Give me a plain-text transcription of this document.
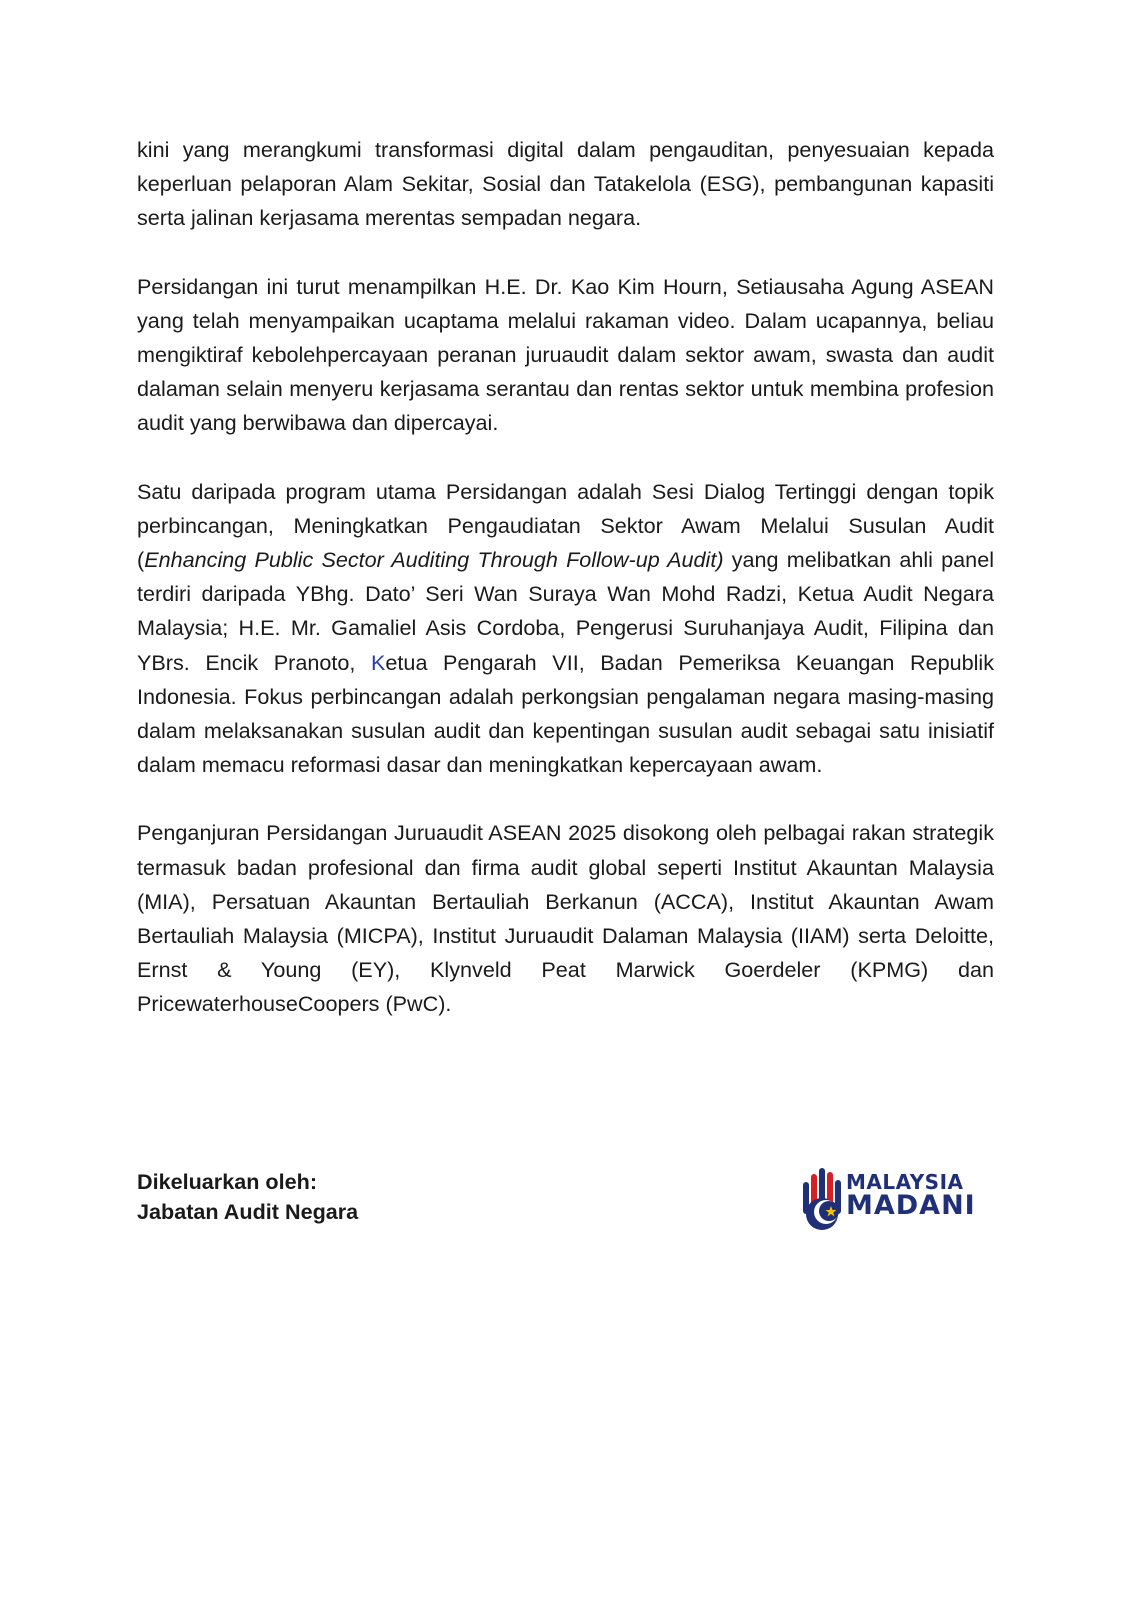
kini yang merangkumi transformasi digital dalam pengauditan, penyesuaian kepada keperluan pelaporan Alam Sekitar, Sosial dan Tatakelola (ESG), pembangunan kapasiti serta jalinan kerjasama merentas sempadan negara.

Persidangan ini turut menampilkan H.E. Dr. Kao Kim Hourn, Setiausaha Agung ASEAN yang telah menyampaikan ucaptama melalui rakaman video. Dalam ucapannya, beliau mengiktiraf kebolehpercayaan peranan juruaudit dalam sektor awam, swasta dan audit dalaman selain menyeru kerjasama serantau dan rentas sektor untuk membina profesion audit yang berwibawa dan dipercayai.

Satu daripada program utama Persidangan adalah Sesi Dialog Tertinggi dengan topik perbincangan, Meningkatkan Pengaudiatan Sektor Awam Melalui Susulan Audit (Enhancing Public Sector Auditing Through Follow-up Audit) yang melibatkan ahli panel terdiri daripada YBhg. Dato’ Seri Wan Suraya Wan Mohd Radzi, Ketua Audit Negara Malaysia; H.E. Mr. Gamaliel Asis Cordoba, Pengerusi Suruhanjaya Audit, Filipina dan YBrs. Encik Pranoto, Ketua Pengarah VII, Badan Pemeriksa Keuangan Republik Indonesia. Fokus perbincangan adalah perkongsian pengalaman negara masing-masing dalam melaksanakan susulan audit dan kepentingan susulan audit sebagai satu inisiatif dalam memacu reformasi dasar dan meningkatkan kepercayaan awam.

Penganjuran Persidangan Juruaudit ASEAN 2025 disokong oleh pelbagai rakan strategik termasuk badan profesional dan firma audit global seperti Institut Akauntan Malaysia (MIA), Persatuan Akauntan Bertauliah Berkanun (ACCA), Institut Akauntan Awam Bertauliah Malaysia (MICPA), Institut Juruaudit Dalaman Malaysia (IIAM) serta Deloitte, Ernst & Young (EY), Klynveld Peat Marwick Goerdeler (KPMG) dan PricewaterhouseCoopers (PwC).

Dikeluarkan oleh:
Jabatan Audit Negara
MALAYSIA
MADANI
